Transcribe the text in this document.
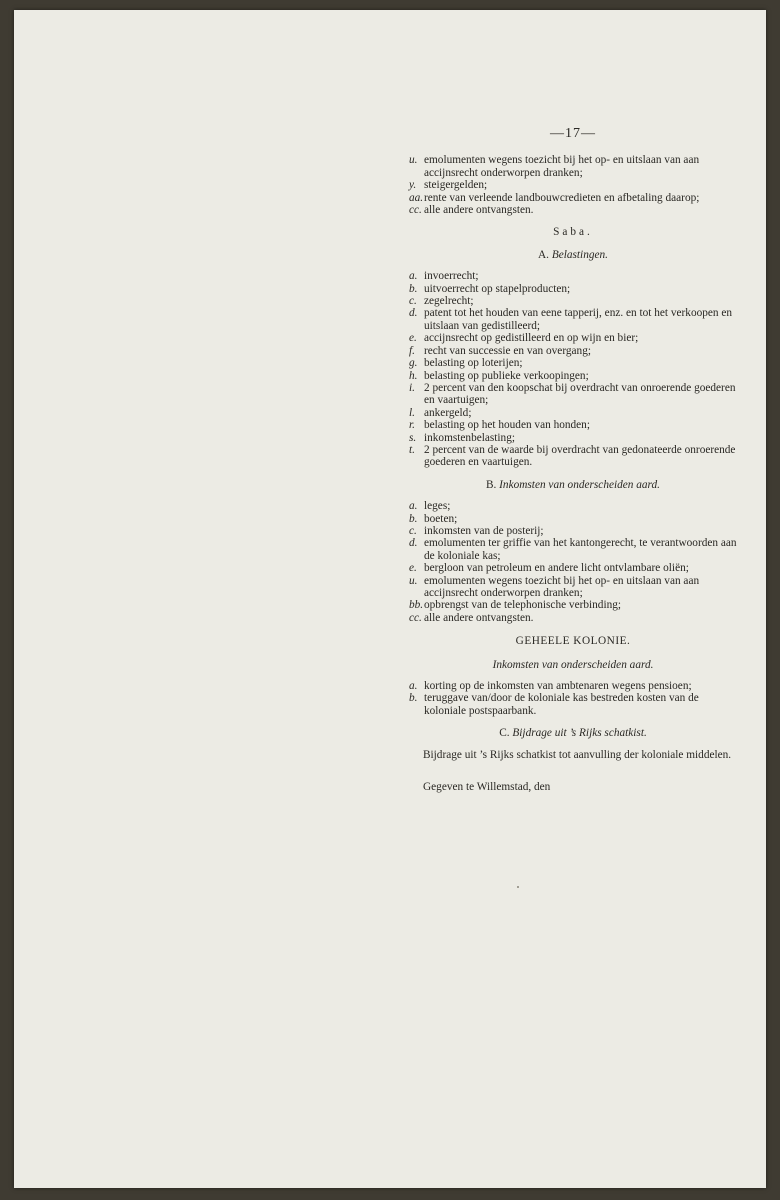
—17—
u. emolumenten wegens toezicht bij het op- en uitslaan van aan accijnsrecht onderworpen dranken;
y. steigergelden;
aa. rente van verleende landbouwcredieten en afbetaling daarop;
cc. alle andere ontvangsten.
Saba.
A. Belastingen.
a. invoerrecht;
b. uitvoerrecht op stapelproducten;
c. zegelrecht;
d. patent tot het houden van eene tapperij, enz. en tot het verkoopen en uitslaan van gedistilleerd;
e. accijnsrecht op gedistilleerd en op wijn en bier;
f. recht van successie en van overgang;
g. belasting op loterijen;
h. belasting op publieke verkoopingen;
i. 2 percent van den koopschat bij overdracht van onroerende goederen en vaartuigen;
l. ankergeld;
r. belasting op het houden van honden;
s. inkomstenbelasting;
t. 2 percent van de waarde bij overdracht van gedonateerde onroerende goederen en vaartuigen.
B. Inkomsten van onderscheiden aard.
a. leges;
b. boeten;
c. inkomsten van de posterij;
d. emolumenten ter griffie van het kantongerecht, te verantwoorden aan de koloniale kas;
e. bergloon van petroleum en andere licht ontvlambare oliën;
u. emolumenten wegens toezicht bij het op- en uitslaan van aan accijnsrecht onderworpen dranken;
bb. opbrengst van de telephonische verbinding;
cc. alle andere ontvangsten.
GEHEELE KOLONIE.
Inkomsten van onderscheiden aard.
a. korting op de inkomsten van ambtenaren wegens pensioen;
b. teruggave van/door de koloniale kas bestreden kosten van de koloniale postspaarbank.
C. Bijdrage uit ’s Rijks schatkist.

Bijdrage uit ’s Rijks schatkist tot aanvulling der koloniale middelen.

Gegeven te Willemstad, den
